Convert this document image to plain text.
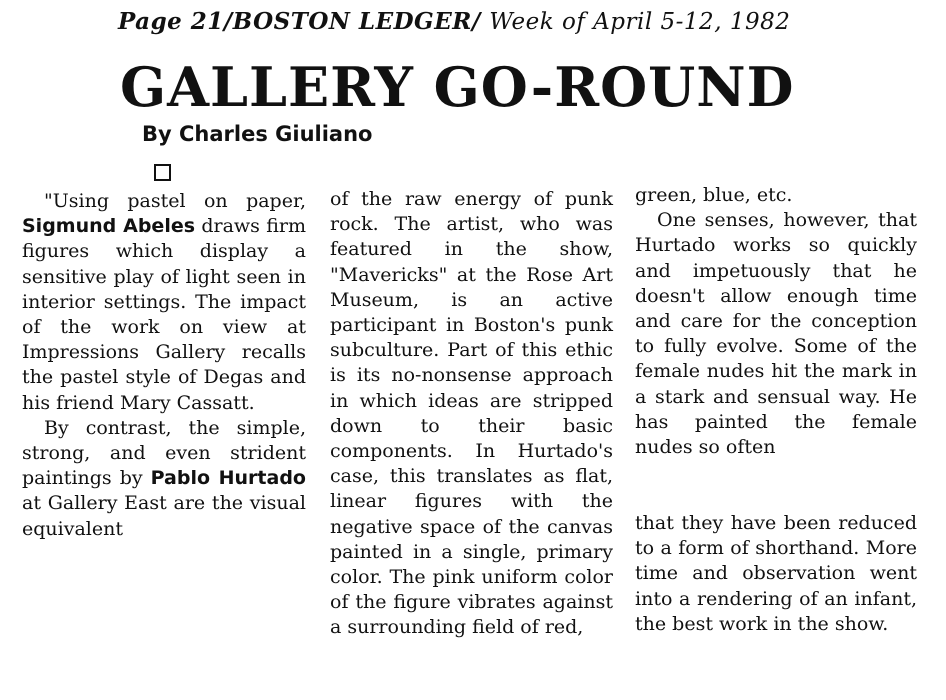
Page 21/BOSTON LEDGER/ Week of April 5-12, 1982
GALLERY GO-ROUND
By Charles Giuliano

"Using pastel on paper, Sigmund Abeles draws firm figures which display a sensitive play of light seen in interior settings. The impact of the work on view at Impressions Gallery recalls the pastel style of Degas and his friend Mary Cassatt.

By contrast, the simple, strong, and even strident paintings by Pablo Hurtado at Gallery East are the visual equivalent

of the raw energy of punk rock. The artist, who was featured in the show, "Mavericks" at the Rose Art Museum, is an active participant in Boston's punk subculture. Part of this ethic is its no-nonsense approach in which ideas are stripped down to their basic components. In Hurtado's case, this translates as flat, linear figures with the negative space of the canvas painted in a single, primary color. The pink uniform color of the figure vibrates against a surrounding field of red,

green, blue, etc.

One senses, however, that Hurtado works so quickly and impetuously that he doesn't allow enough time and care for the conception to fully evolve. Some of the female nudes hit the mark in a stark and sensual way. He has painted the female nudes so often

that they have been reduced to a form of shorthand. More time and observation went into a rendering of an infant, the best work in the show.
